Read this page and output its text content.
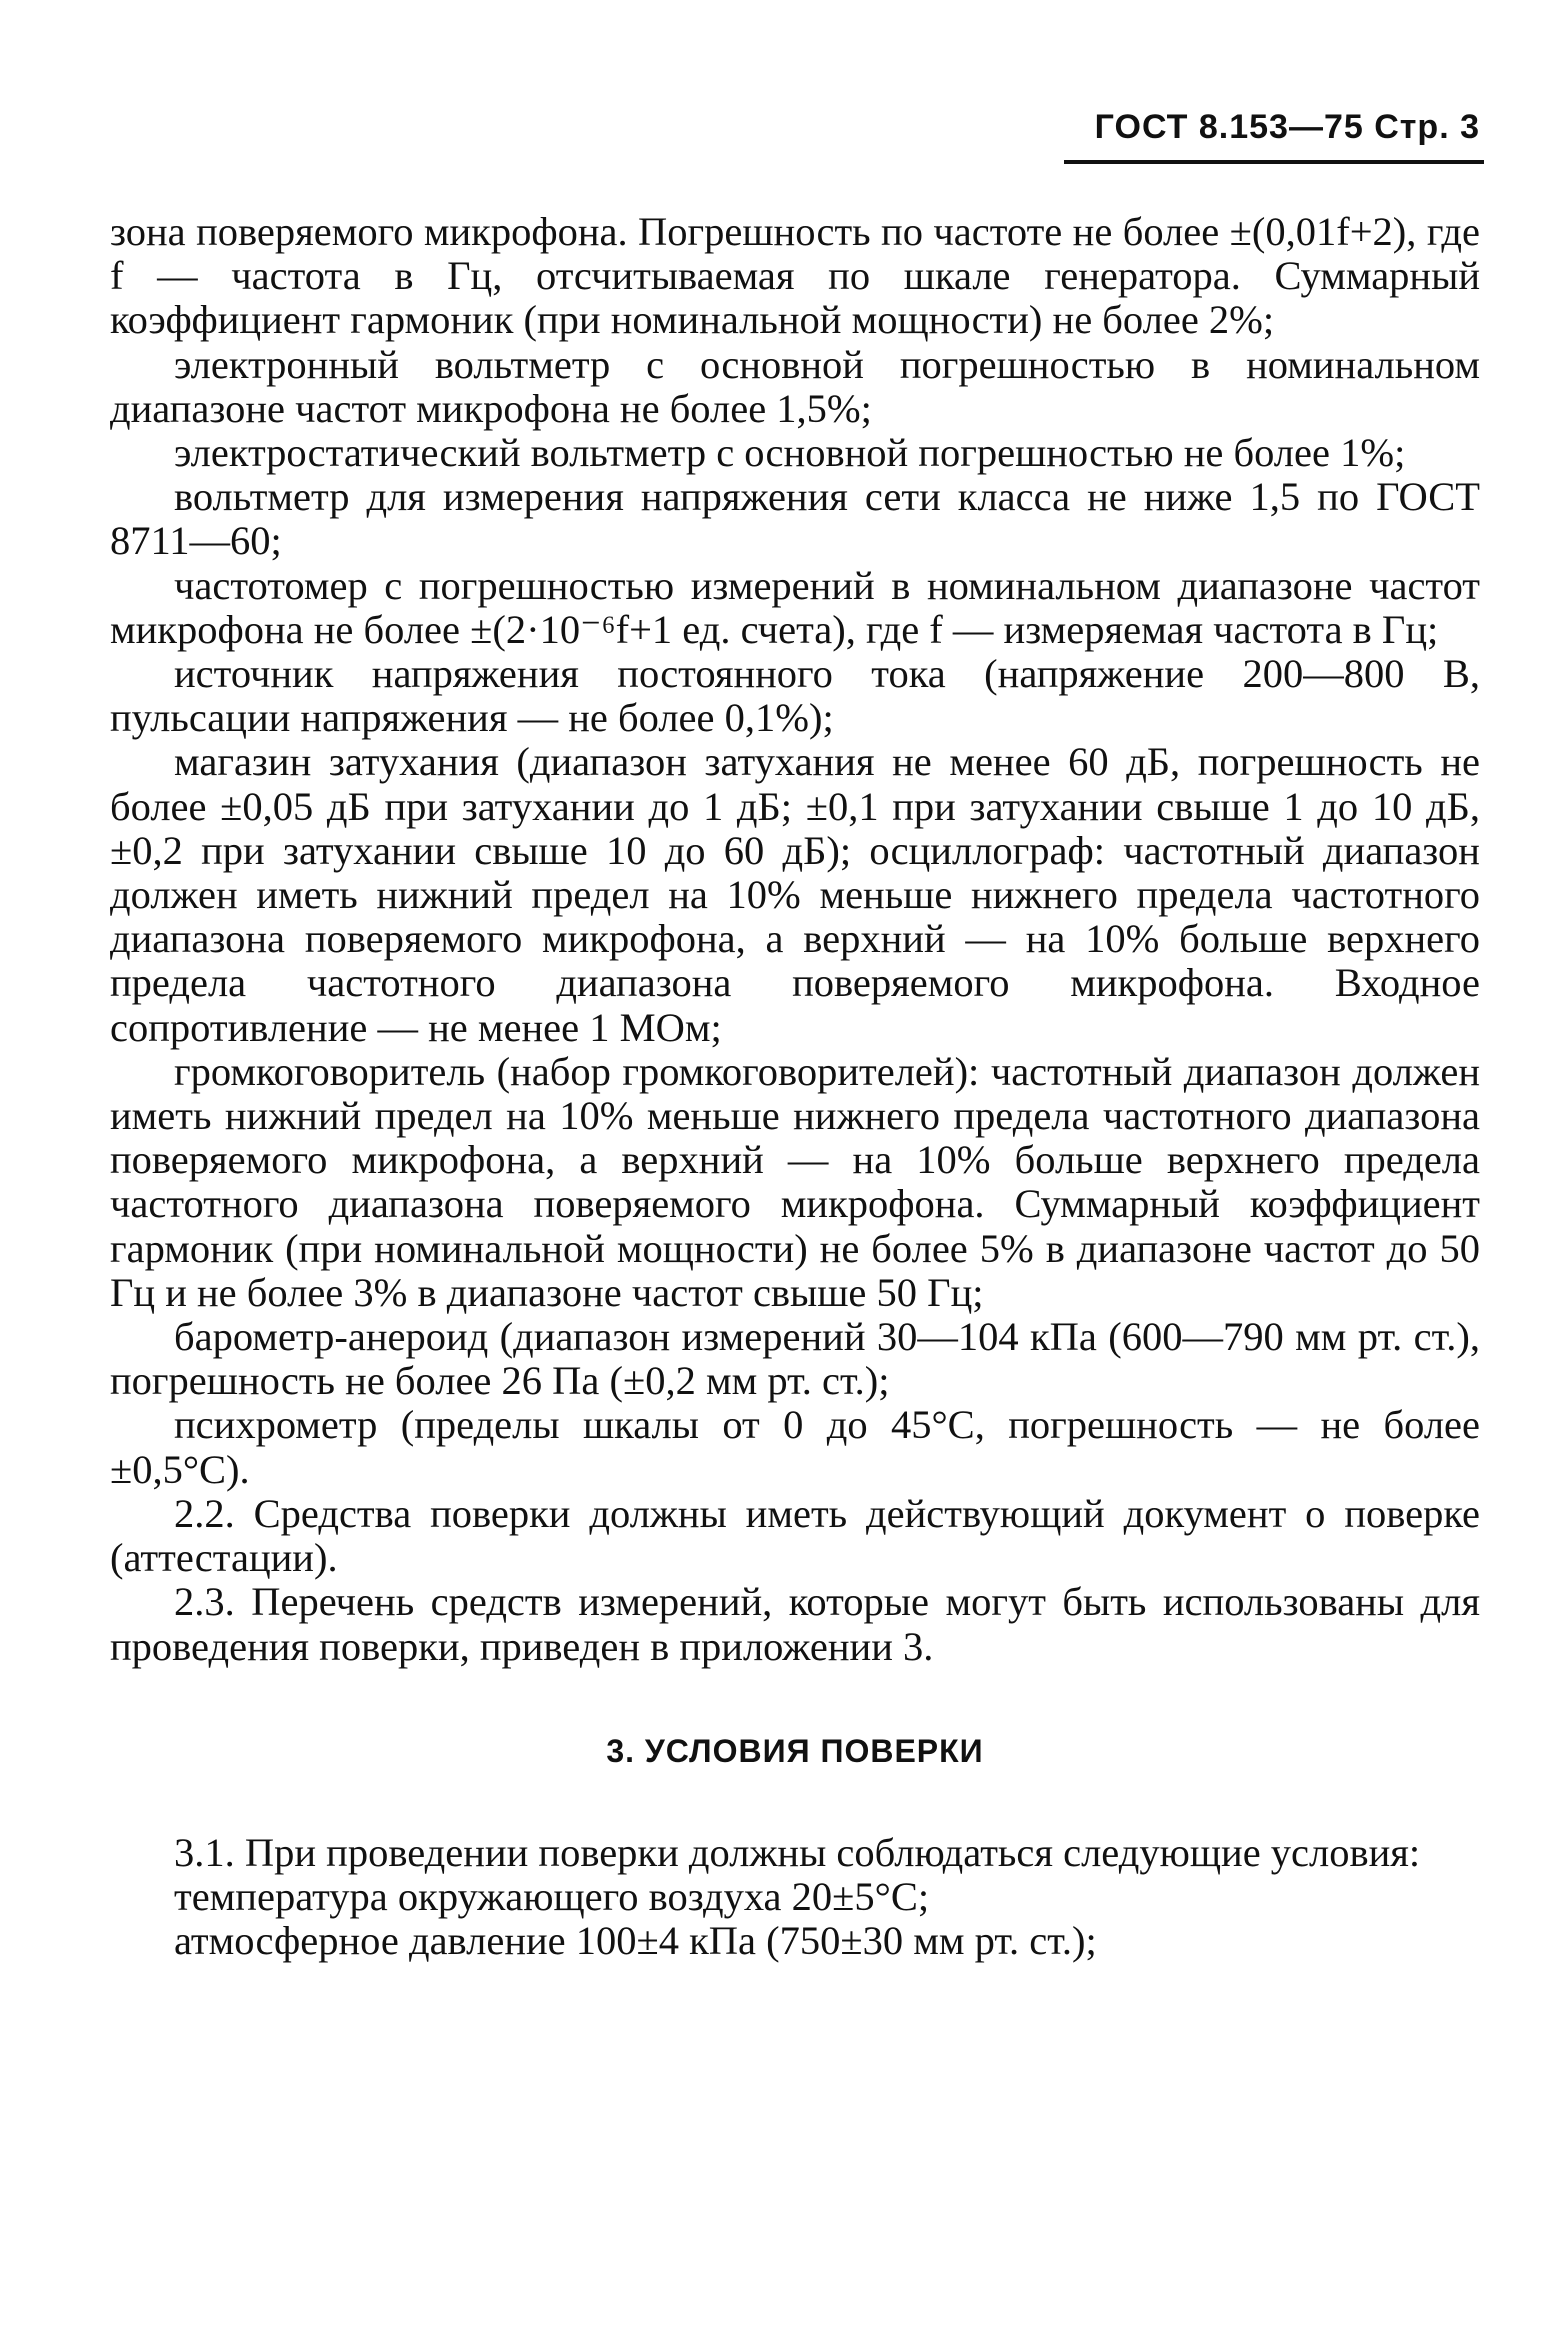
ГОСТ 8.153—75 Стр. 3

зона поверяемого микрофона. Погрешность по частоте не более ±(0,01f+2), где f — частота в Гц, отсчитываемая по шкале генератора. Суммарный коэффициент гармоник (при номинальной мощности) не более 2%;

электронный вольтметр с основной погрешностью в номинальном диапазоне частот микрофона не более 1,5%;

электростатический вольтметр с основной погрешностью не более 1%;

вольтметр для измерения напряжения сети класса не ниже 1,5 по ГОСТ 8711—60;

частотомер с погрешностью измерений в номинальном диапазоне частот микрофона не более ±(2·10⁻⁶f+1 ед. счета), где f — измеряемая частота в Гц;

источник напряжения постоянного тока (напряжение 200—800 В, пульсации напряжения — не более 0,1%);

магазин затухания (диапазон затухания не менее 60 дБ, погрешность не более ±0,05 дБ при затухании до 1 дБ; ±0,1 при затухании свыше 1 до 10 дБ, ±0,2 при затухании свыше 10 до 60 дБ); осциллограф: частотный диапазон должен иметь нижний предел на 10% меньше нижнего предела частотного диапазона поверяемого микрофона, а верхний — на 10% больше верхнего предела частотного диапазона поверяемого микрофона. Входное сопротивление — не менее 1 МОм;

громкоговоритель (набор громкоговорителей): частотный диапазон должен иметь нижний предел на 10% меньше нижнего предела частотного диапазона поверяемого микрофона, а верхний — на 10% больше верхнего предела частотного диапазона поверяемого микрофона. Суммарный коэффициент гармоник (при номинальной мощности) не более 5% в диапазоне частот до 50 Гц и не более 3% в диапазоне частот свыше 50 Гц;

барометр-анероид (диапазон измерений 30—104 кПа (600—790 мм рт. ст.), погрешность не более 26 Па (±0,2 мм рт. ст.);

психрометр (пределы шкалы от 0 до 45°С, погрешность — не более ±0,5°С).

2.2. Средства поверки должны иметь действующий документ о поверке (аттестации).

2.3. Перечень средств измерений, которые могут быть использованы для проведения поверки, приведен в приложении 3.

3. УСЛОВИЯ ПОВЕРКИ

3.1. При проведении поверки должны соблюдаться следующие условия:

температура окружающего воздуха 20±5°С;

атмосферное давление 100±4 кПа (750±30 мм рт. ст.);
